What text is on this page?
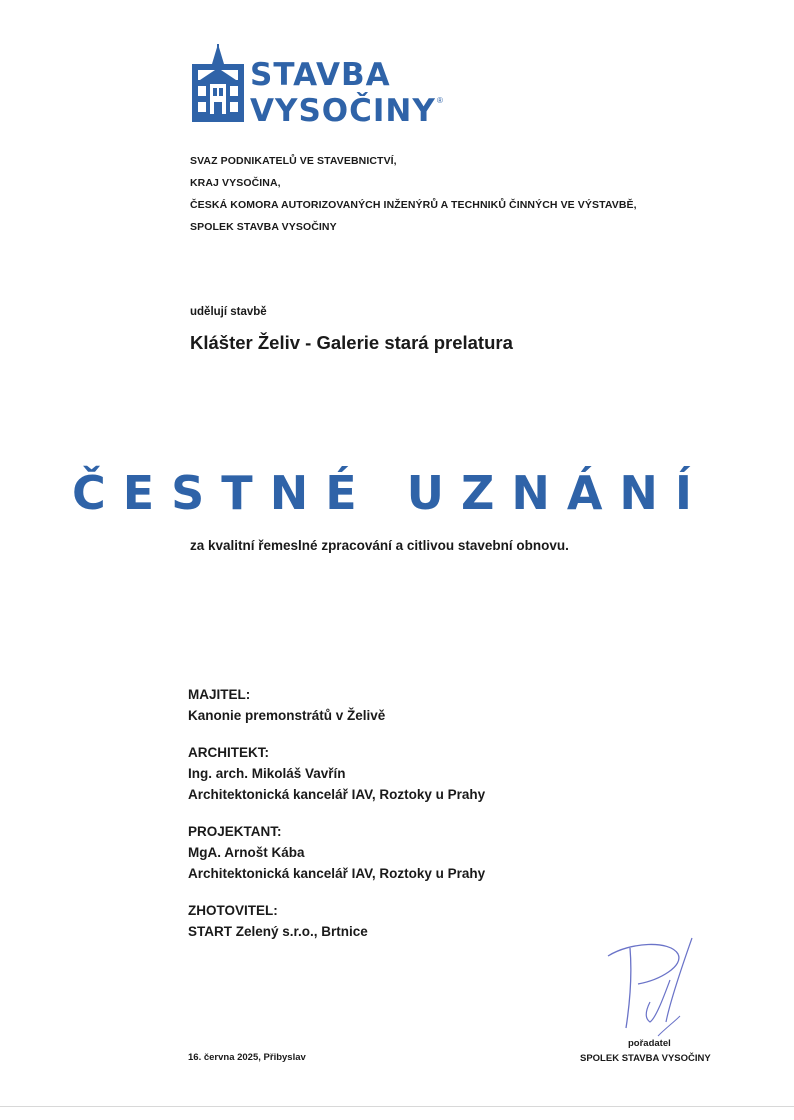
STAVBA
VYSOČINY ®
SVAZ PODNIKATELŮ VE STAVEBNICTVÍ,
KRAJ VYSOČINA,
ČESKÁ KOMORA AUTORIZOVANÝCH INŽENÝRŮ A TECHNIKŮ ČINNÝCH VE VÝSTAVBĚ,
SPOLEK STAVBA VYSOČINY
udělují stavbě
Klášter Želiv - Galerie stará prelatura
ČESTNÉ UZNÁNÍ
za kvalitní řemeslné zpracování a citlivou stavební obnovu.
MAJITEL:
Kanonie premonstrátů v Želivě
ARCHITEKT:
Ing. arch. Mikoláš Vavřín
Architektonická kancelář IAV, Roztoky u Prahy
PROJEKTANT:
MgA. Arnošt Kába
Architektonická kancelář IAV, Roztoky u Prahy
ZHOTOVITEL:
START Zelený s.r.o., Brtnice
16. června 2025, Přibyslav
pořadatel
SPOLEK STAVBA VYSOČINY
